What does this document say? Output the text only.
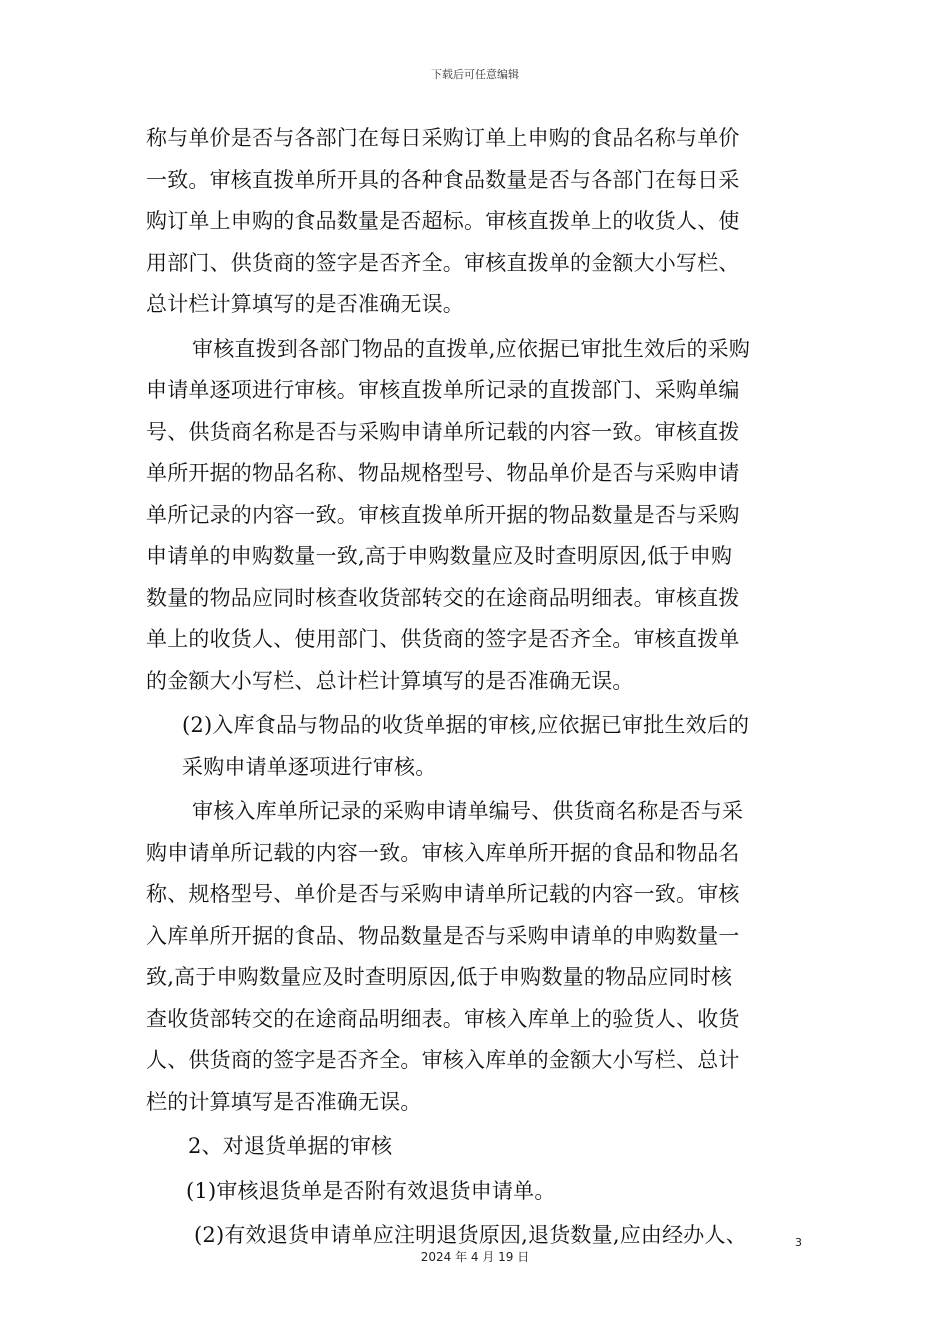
下载后可任意编辑
称与单价是否与各部门在每日采购订单上申购的食品名称与单价
一致。审核直拨单所开具的各种食品数量是否与各部门在每日采
购订单上申购的食品数量是否超标。审核直拨单上的收货人、使
用部门、供货商的签字是否齐全。审核直拨单的金额大小写栏、
总计栏计算填写的是否准确无误。
审核直拨到各部门物品的直拨单,应依据已审批生效后的采购
申请单逐项进行审核。审核直拨单所记录的直拨部门、采购单编
号、供货商名称是否与采购申请单所记载的内容一致。审核直拨
单所开据的物品名称、物品规格型号、物品单价是否与采购申请
单所记录的内容一致。审核直拨单所开据的物品数量是否与采购
申请单的申购数量一致,高于申购数量应及时查明原因,低于申购
数量的物品应同时核查收货部转交的在途商品明细表。审核直拨
单上的收货人、使用部门、供货商的签字是否齐全。审核直拨单
的金额大小写栏、总计栏计算填写的是否准确无误。
(2)入库食品与物品的收货单据的审核,应依据已审批生效后的
采购申请单逐项进行审核。
审核入库单所记录的采购申请单编号、供货商名称是否与采
购申请单所记载的内容一致。审核入库单所开据的食品和物品名
称、规格型号、单价是否与采购申请单所记载的内容一致。审核
入库单所开据的食品、物品数量是否与采购申请单的申购数量一
致,高于申购数量应及时查明原因,低于申购数量的物品应同时核
查收货部转交的在途商品明细表。审核入库单上的验货人、收货
人、供货商的签字是否齐全。审核入库单的金额大小写栏、总计
栏的计算填写是否准确无误。
2、对退货单据的审核
(1)审核退货单是否附有效退货申请单。
(2)有效退货申请单应注明退货原因,退货数量,应由经办人、	3
2024 年 4 月 19 日
